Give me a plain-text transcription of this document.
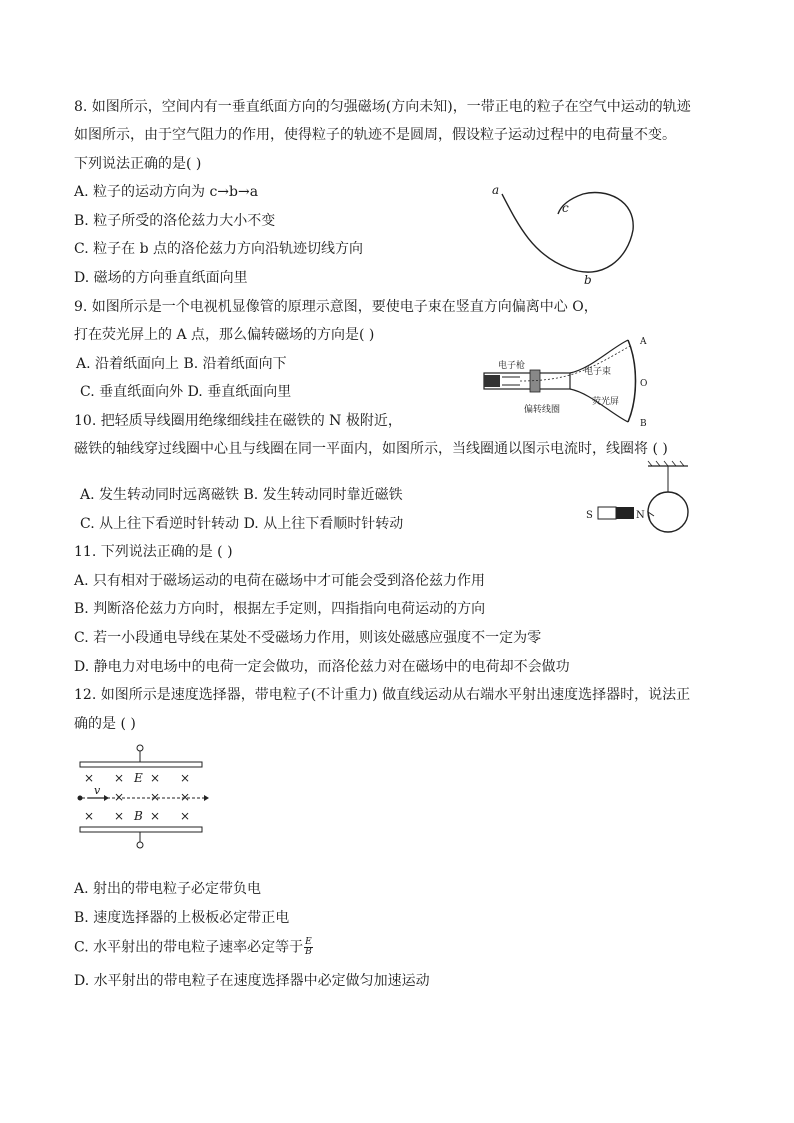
8. 如图所示，空间内有一垂直纸面方向的匀强磁场(方向未知)，一带正电的粒子在空气中运动的轨迹
如图所示，由于空气阻力的作用，使得粒子的轨迹不是圆周，假设粒子运动过程中的电荷量不变。
下列说法正确的是( )
A. 粒子的运动方向为 c→b→a
B. 粒子所受的洛伦兹力大小不变
C. 粒子在 b 点的洛伦兹力方向沿轨迹切线方向
D. 磁场的方向垂直纸面向里
a
c
b
9. 如图所示是一个电视机显像管的原理示意图，要使电子束在竖直方向偏离中心 O，
打在荧光屏上的 A 点，那么偏转磁场的方向是( )
A. 沿着纸面向上 B. 沿着纸面向下
C. 垂直纸面向外 D. 垂直纸面向里
电子枪
电子束
偏转线圈
荧光屏
A
O
B
10. 把轻质导线圈用绝缘细线挂在磁铁的 N 极附近，
磁铁的轴线穿过线圈中心且与线圈在同一平面内，如图所示，当线圈通以图示电流时，线圈将 ( )
A. 发生转动同时远离磁铁 B. 发生转动同时靠近磁铁
C. 从上往下看逆时针转动 D. 从上往下看顺时针转动
S	N
11. 下列说法正确的是 ( )
A. 只有相对于磁场运动的电荷在磁场中才可能会受到洛伦兹力作用
B. 判断洛伦兹力方向时，根据左手定则，四指指向电荷运动的方向
C. 若一小段通电导线在某处不受磁场力作用，则该处磁感应强度不一定为零
D. 静电力对电场中的电荷一定会做功，而洛伦兹力对在磁场中的电荷却不会做功
12. 如图所示是速度选择器，带电粒子(不计重力) 做直线运动从右端水平射出速度选择器时，说法正
确的是 ( )
× × × ×
× × ×
× × × ×
v
E
B
A. 射出的带电粒子必定带负电
B. 速度选择器的上极板必定带正电
C. 水平射出的带电粒子速率必定等于 $\frac{E}{B}$
D. 水平射出的带电粒子在速度选择器中必定做匀加速运动
